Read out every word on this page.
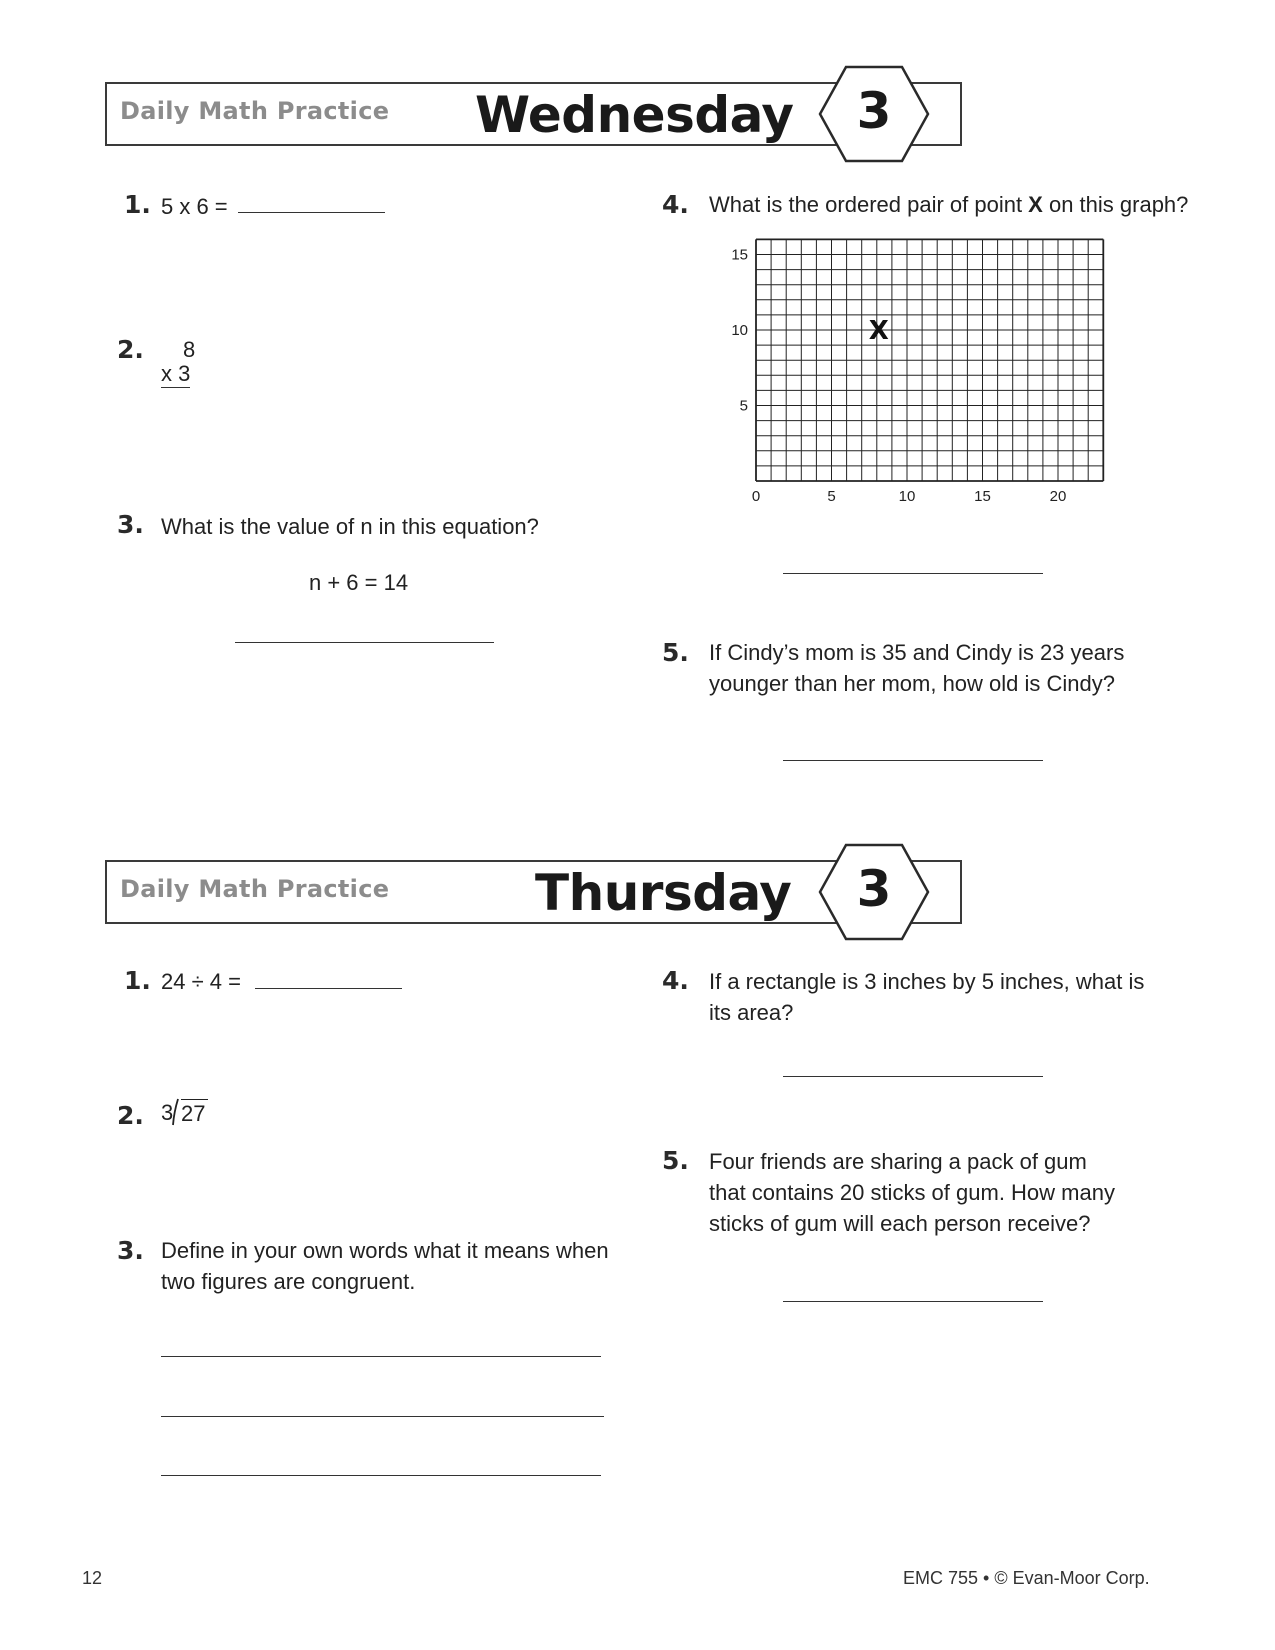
Daily Math Practice Wednesday	3
1. 5 x 6 =
2. 8
x 3
3. What is the value of n in this equation?
n + 6 = 14
4. What is the ordered pair of point X on this graph?
0	5	10	15	20
5
10
15
X
5. If Cindy’s mom is 35 and Cindy is 23 years younger than her mom, how old is Cindy?
Daily Math Practice	Thursday	3
1. 24 ÷ 4 =
2. 3 27
3. Define in your own words what it means when two figures are congruent.
4. If a rectangle is 3 inches by 5 inches, what is its area?
5. Four friends are sharing a pack of gum that contains 20 sticks of gum. How many sticks of gum will each person receive?
12	EMC 755 • © Evan-Moor Corp.
